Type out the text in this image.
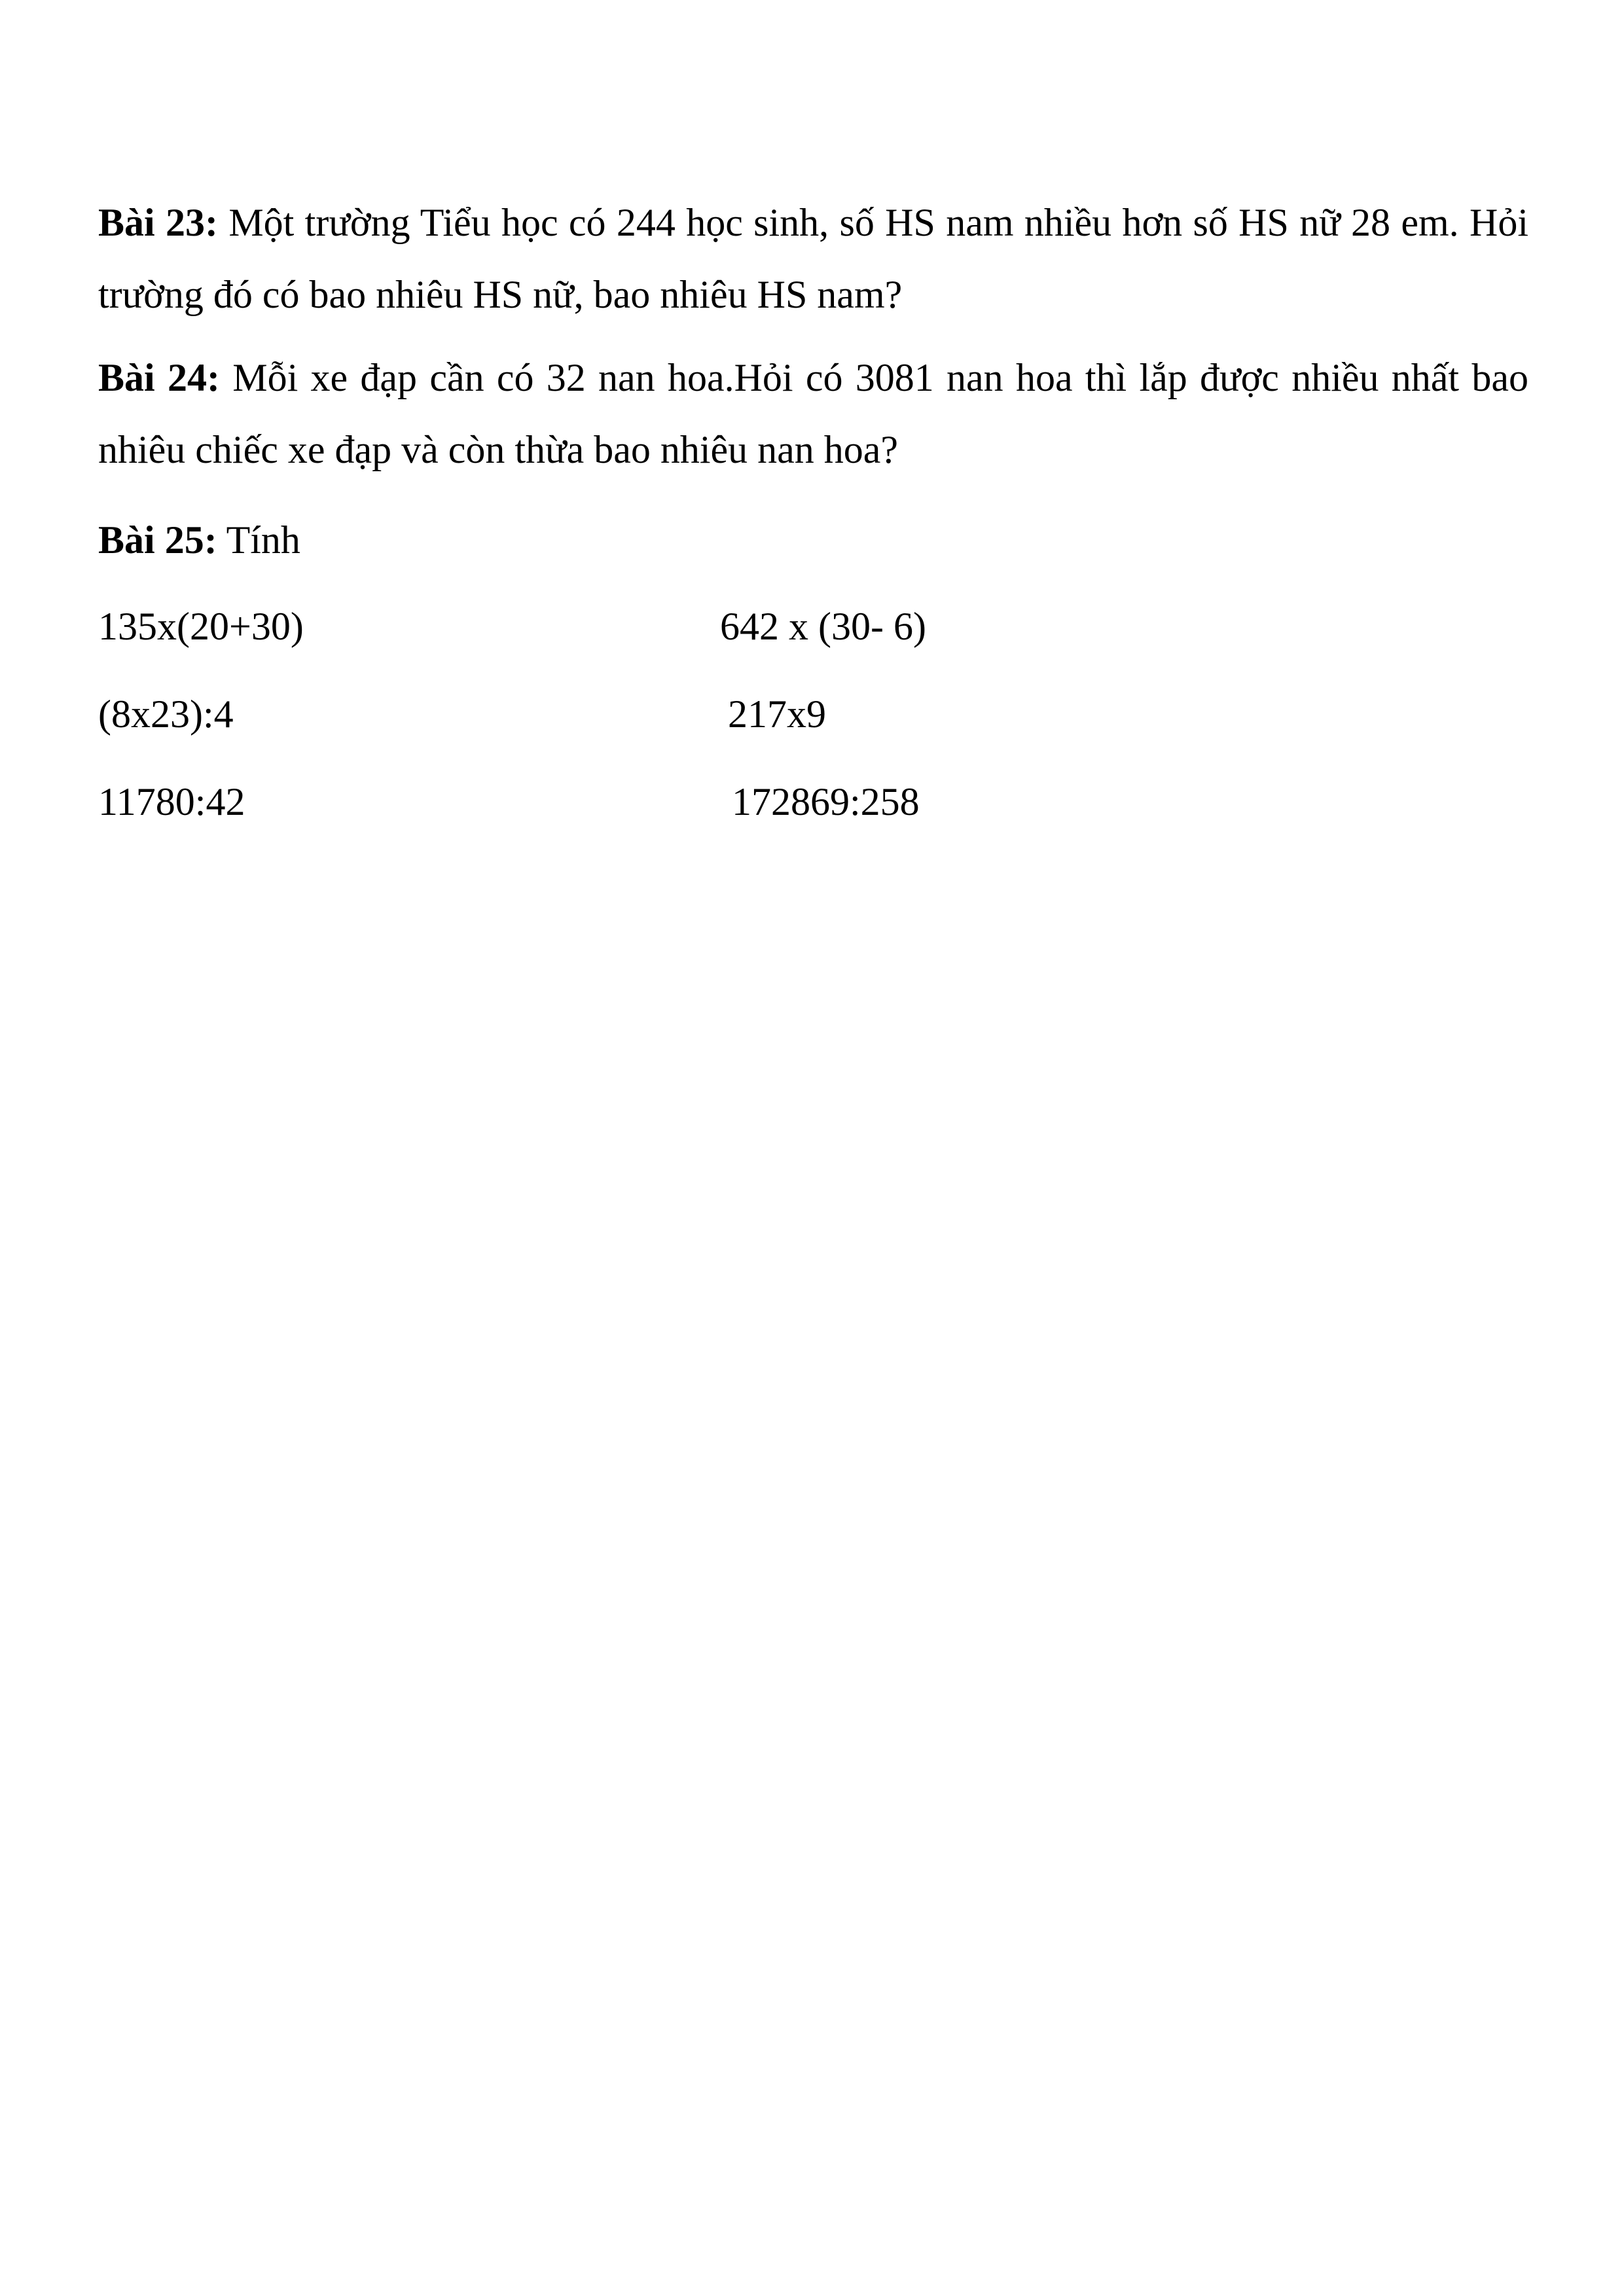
Bài 23: Một trường Tiểu học có 244 học sinh, số HS nam nhiều hơn số HS nữ 28 em. Hỏi trường đó có bao nhiêu HS nữ, bao nhiêu HS nam?

Bài 24: Mỗi xe đạp cần có 32 nan hoa.Hỏi có 3081 nan hoa thì lắp được nhiều nhất bao nhiêu chiếc xe đạp và còn thừa bao nhiêu nan hoa?

Bài 25: Tính

135x(20+30)	642 x (30- 6)
(8x23):4	217x9
11780:42	172869:258
